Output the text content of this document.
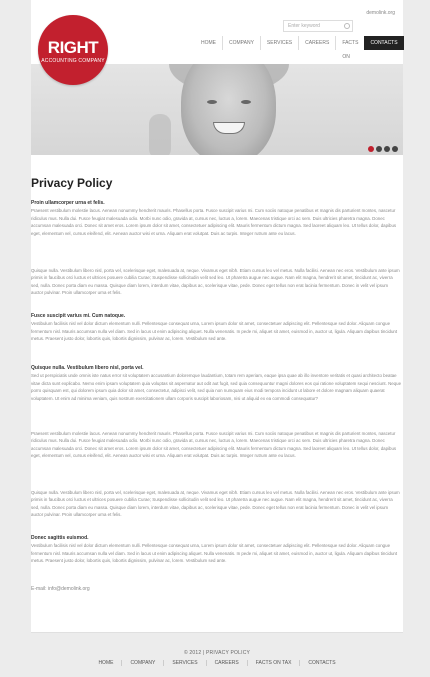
demolink.org
Enter keyword
HOME	COMPANY	SERVICES	CAREERS	FACTS ON
CONTACTS
RIGHT
ACCOUNTING COMPANY
Privacy Policy
Proin ullamcorper urna et felis.
Praesent vestibulum molestie lacus. Aenean nonummy hendrerit mauris. Phasellus porta. Fusce suscipit varius mi. Cum sociis natoque penatibus et magnis dis parturient montes, nascetur ridiculus mus. Nulla dui. Fusce feugiat malesuada odio. Morbi nunc odio, gravida at, cursus nec, luctus a, lorem. Maecenas tristique orci ac sem. Duis ultricies pharetra magna. Donec accumsan malesuada orci. Donec sit amet eros. Lorem ipsum dolor sit amet, consectetuer adipiscing elit. Mauris fermentum dictum magna. Sed laoreet aliquam leo. Ut tellus dolor, dapibus eget, elementum vel, cursus eleifend, elit. Aenean auctor wisi et urna. Aliquam erat volutpat. Duis ac turpis. Integer rutrum ante eu lacus.
Quisque nulla. Vestibulum libero nisl, porta vel, scelerisque eget, malesuada at, neque. Vivamus eget nibh. Etiam cursus leo vel metus. Nulla facilisi. Aenean nec eros. Vestibulum ante ipsum primis in faucibus orci luctus et ultrices posuere cubilia Curae; Suspendisse sollicitudin velit sed leo. Ut pharetra augue nec augue. Nam elit magna, hendrerit sit amet, tincidunt ac, viverra sed, nulla. Donec porta diam eu massa. Quisque diam lorem, interdum vitae, dapibus ac, scelerisque vitae, pede. Donec eget tellus non erat lacinia fermentum. Donec in velit vel ipsum auctor pulvinar. Proin ullamcorper urna et felis.
Fusce suscipit varius mi. Cum natoque.
Vestibulum facilisis nisl vel dolor dictum elementum nulli. Pellentesque consequat urna, Lorem ipsum dolor sit amet, consectetuer adipiscing elit. Pellentesque sed dolor. Aliquam congue fermentum nisl. Mauris accumsan nulla vel diam. Sed in lacus ut enim adipiscing aliquet. Nulla venenatis. In pede mi, aliquet sit amet, euismod in, auctor ut, ligula. Aliquam dapibus tincidunt metus. Praesent justo dolor, lobortis quis, lobortis dignissim, pulvinar ac, lorem. Vestibulum sed ante.
Quisque nulla. Vestibulum libero nisl, porta vel.
Sed ut perspiciatis unde omnis iste natus error sit voluptatem accusantium doloremque laudantium, totam rem aperiam, eaque ipsa quae ab illo inventore veritatis et quasi architecto beatae vitae dicta sunt explicabo. Nemo enim ipsam voluptatem quia voluptas sit aspernatur aut odit aut fugit, sed quia consequuntur magni dolores eos qui ratione voluptatem sequi nesciunt. Neque porro quisquam est, qui dolorem ipsum quia dolor sit amet, consectetur, adipisci velit, sed quia non numquam eius modi tempora incidunt ut labore et dolore magnam aliquam quaerat voluptatem. Ut enim ad minima veniam, quis nostrum exercitationem ullam corporis suscipit laboriosam, nisi ut aliquid ex ea commodi consequatur?
Praesent vestibulum molestie lacus. Aenean nonummy hendrerit mauris. Phasellus porta. Fusce suscipit varius mi. Cum sociis natoque penatibus et magnis dis parturient montes, nascetur ridiculus mus. Nulla dui. Fusce feugiat malesuada odio. Morbi nunc odio, gravida at, cursus nec, luctus a, lorem. Maecenas tristique orci ac sem. Duis ultricies pharetra magna. Donec accumsan malesuada orci. Donec sit amet eros. Lorem ipsum dolor sit amet, consectetuer adipiscing elit. Mauris fermentum dictum magna. Sed laoreet aliquam leo. Ut tellus dolor, dapibus eget, elementum vel, cursus eleifend, elit. Aenean auctor wisi et urna. Aliquam erat volutpat. Duis ac turpis. Integer rutrum ante eu lacus.
Quisque nulla. Vestibulum libero nisl, porta vel, scelerisque eget, malesuada at, neque. Vivamus eget nibh. Etiam cursus leo vel metus. Nulla facilisi. Aenean nec eros. Vestibulum ante ipsum primis in faucibus orci luctus et ultrices posuere cubilia Curae; Suspendisse sollicitudin velit sed leo. Ut pharetra augue nec augue. Nam elit magna, hendrerit sit amet, tincidunt ac, viverra sed, nulla. Donec porta diam eu massa. Quisque diam lorem, interdum vitae, dapibus ac, scelerisque vitae, pede. Donec eget tellus non erat lacinia fermentum. Donec in velit vel ipsum auctor pulvinar. Proin ullamcorper urna et felis.
Donec sagittis euismod.
Vestibulum facilisis nisl vel dolor dictum elementum nulli. Pellentesque consequat urna, Lorem ipsum dolor sit amet, consectetuer adipiscing elit. Pellentesque sed dolor. Aliquam congue fermentum nisl. Mauris accumsan nulla vel diam. Sed in lacus ut enim adipiscing aliquet. Nulla venenatis. In pede mi, aliquet sit amet, euismod in, auctor ut, ligula. Aliquam dapibus tincidunt metus. Praesent justo dolor, lobortis quis, lobortis dignissim, pulvinar ac, lorem. Vestibulum sed ante.
E-mail: info@demolink.org
© 2012 | PRIVACY POLICY
HOME	COMPANY	SERVICES	CAREERS	FACTS ON TAX	CONTACTS
